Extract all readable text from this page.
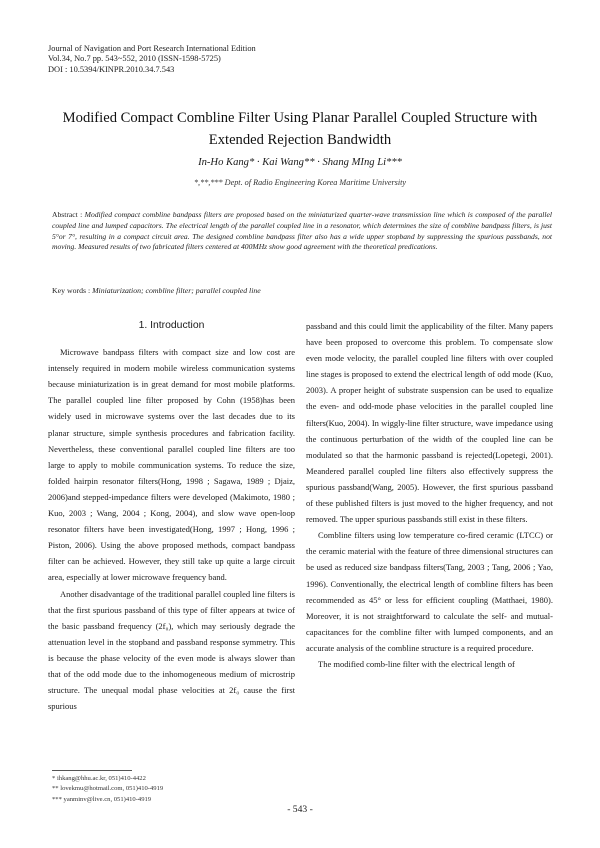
Journal of Navigation and Port Research International Edition
Vol.34, No.7 pp. 543~552, 2010 (ISSN-1598-5725)
DOI : 10.5394/KINPR.2010.34.7.543
Modified Compact Combline Filter Using Planar Parallel Coupled Structure with
Extended Rejection Bandwidth
In-Ho Kang* · Kai Wang** · Shang MIng Li***
*,**,*** Dept. of Radio Engineering Korea Maritime University
Abstract : Modified compact combline bandpass filters are proposed based on the miniaturized quarter-wave transmission line which is composed of the parallel coupled line and lumped capacitors. The electrical length of the parallel coupled line in a resonator, which determines the size of combline bandpass filters, is just 5°or 7°, resulting in a compact circuit area. The designed combline bandpass filter also has a wide upper stopband by suppressing the spurious passbands, not moving. Measured results of two fabricated filters centered at 400MHz show good agreement with the theoretical predications.
Key words : Miniaturization; combline filter; parallel coupled line
1. Introduction

Microwave bandpass filters with compact size and low cost are intensely required in modern mobile wireless communication systems because miniaturization is in great demand for most mobile platforms. The parallel coupled line filter proposed by Cohn (1958)has been widely used in microwave systems over the last decades due to its planar structure, simple synthesis procedures and fabrication facility. Nevertheless, these conventional parallel coupled line filters are too large to apply to mobile communication systems. To reduce the size, folded hairpin resonator filters(Hong, 1998 ; Sagawa, 1989 ; Djaiz, 2006)and stepped-impedance filters were developed (Makimoto, 1980 ; Kuo, 2003 ; Wang, 2004 ; Kong, 2004), and slow wave open-loop resonator filters have been investigated(Hong, 1997 ; Hong, 1996 ; Piston, 2006). Using the above proposed methods, compact bandpass filter can be achieved. However, they still take up quite a large circuit area, especially at lower microwave frequency band.

Another disadvantage of the traditional parallel coupled line filters is that the first spurious passband of this type of filter appears at twice of the basic passband frequency (2f₀), which may seriously degrade the attenuation level in the stopband and passband response symmetry. This is because the phase velocity of the even mode is always slower than that of the odd mode due to the inhomogeneous medium of microstrip structure. The unequal modal phase velocities at 2f₀ cause the first spurious

passband and this could limit the applicability of the filter. Many papers have been proposed to overcome this problem. To compensate slow even mode velocity, the parallel coupled line filters with over coupled line stages is proposed to extend the electrical length of odd mode (Kuo, 2003). A proper height of substrate suspension can be used to equalize the even- and odd-mode phase velocities in the parallel coupled line filters(Kuo, 2004). In wiggly-line filter structure, wave impedance using the continuous perturbation of the width of the coupled line can be modulated so that the harmonic passband is rejected(Lopetegi, 2001). Meandered parallel coupled line filters also effectively suppress the spurious passband(Wang, 2005). However, the first spurious passband of these published filters is just moved to the higher frequency, and not removed. The upper spurious passbands still exist in these filters.

Combline filters using low temperature co-fired ceramic (LTCC) or the ceramic material with the feature of three dimensional structures can be used as reduced size bandpass filters(Tang, 2003 ; Tang, 2006 ; Yao, 1996). Conventionally, the electrical length of combline filters has been recommended as 45° or less for efficient coupling (Matthaei, 1980). Moreover, it is not straightforward to calculate the self- and mutual-capacitances for the combline filter with lumped components, and an accurate analysis of the combline structure is a required procedure.

The modified comb-line filter with the electrical length of

* ihkang@hhu.ac.kr, 051)410-4422
** lovekmu@hotmail.com, 051)410-4919
*** yanminv@live.cn, 051)410-4919
- 543 -
